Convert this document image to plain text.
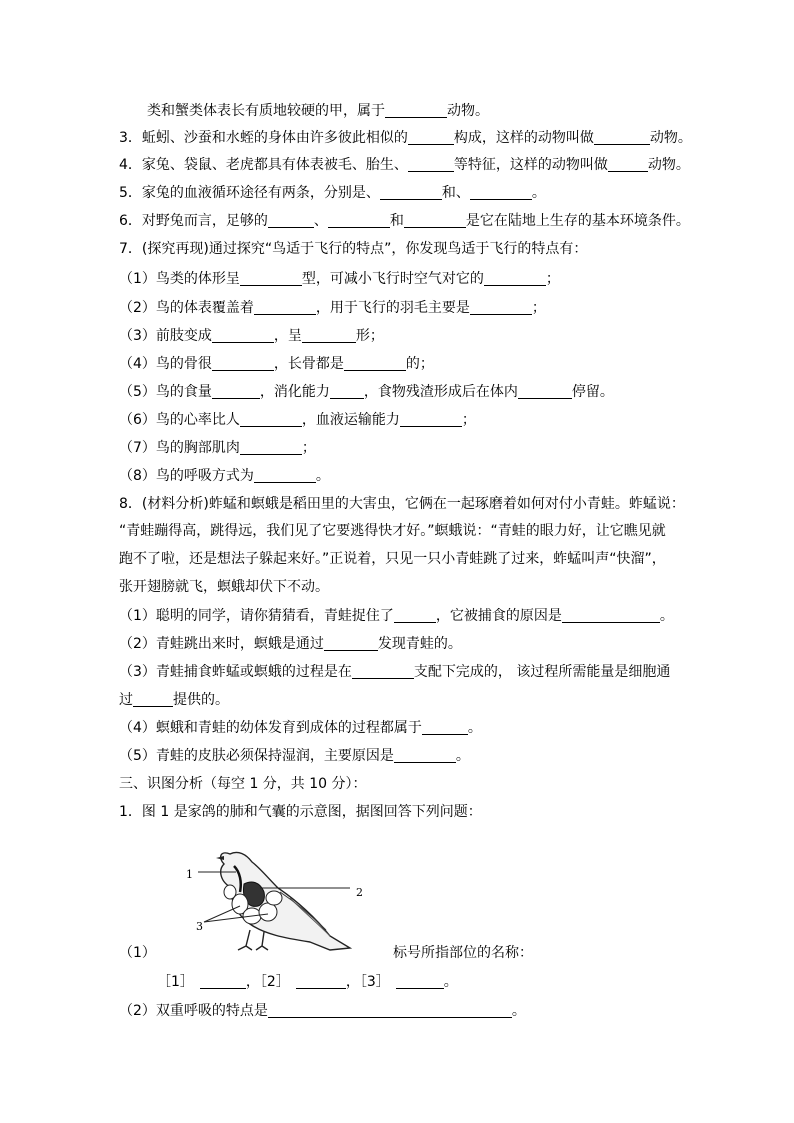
类和蟹类体表长有质地较硬的甲，属于	动物。
3．蚯蚓、沙蚕和水蛭的身体由许多彼此相似的	构成，这样的动物叫做	动物。
4．家兔、袋鼠、老虎都具有体表被毛、胎生、	等特征，这样的动物叫做	动物。
5．家兔的血液循环途径有两条，分别是、	和、	。
6．对野兔而言，足够的	、	和	是它在陆地上生存的基本环境条件。
7．(探究再现)通过探究“鸟适于飞行的特点”，你发现鸟适于飞行的特点有：
（1）鸟类的体形呈	型，可减小飞行时空气对它的	；
（2）鸟的体表覆盖着	，用于飞行的羽毛主要是	；
（3）前肢变成	，呈	形；
（4）鸟的骨很	，长骨都是	的；
（5）鸟的食量	，消化能力 ，食物残渣形成后在体内	停留。
（6）鸟的心率比人	，血液运输能力	；
（7）鸟的胸部肌肉	；
（8）鸟的呼吸方式为	。
8．(材料分析)蚱蜢和螟蛾是稻田里的大害虫，它俩在一起琢磨着如何对付小青蛙。蚱蜢说：
“青蛙蹦得高，跳得远，我们见了它要逃得快才好。”螟蛾说：“青蛙的眼力好，让它瞧见就
跑不了啦，还是想法子躲起来好。”正说着，只见一只小青蛙跳了过来，蚱蜢叫声“快溜”，
张开翅膀就飞，螟蛾却伏下不动。
（1）聪明的同学，请你猜猜看，青蛙捉住了	，它被捕食的原因是	。
（2）青蛙跳出来时，螟蛾是通过	发现青蛙的。
（3）青蛙捕食蚱蜢或螟蛾的过程是在	支配下完成的， 该过程所需能量是细胞通
过	提供的。
（4）螟蛾和青蛙的幼体发育到成体的过程都属于	。
（5）青蛙的皮肤必须保持湿润，主要原因是	。
三、识图分析（每空 1 分，共 10 分）：
1．图 1 是家鸽的肺和气囊的示意图，据图回答下列问题：
1
2
3
（1）	标号所指部位的名称：
［1］	，［2］	，［3］	。
（2）双重呼吸的特点是	。
